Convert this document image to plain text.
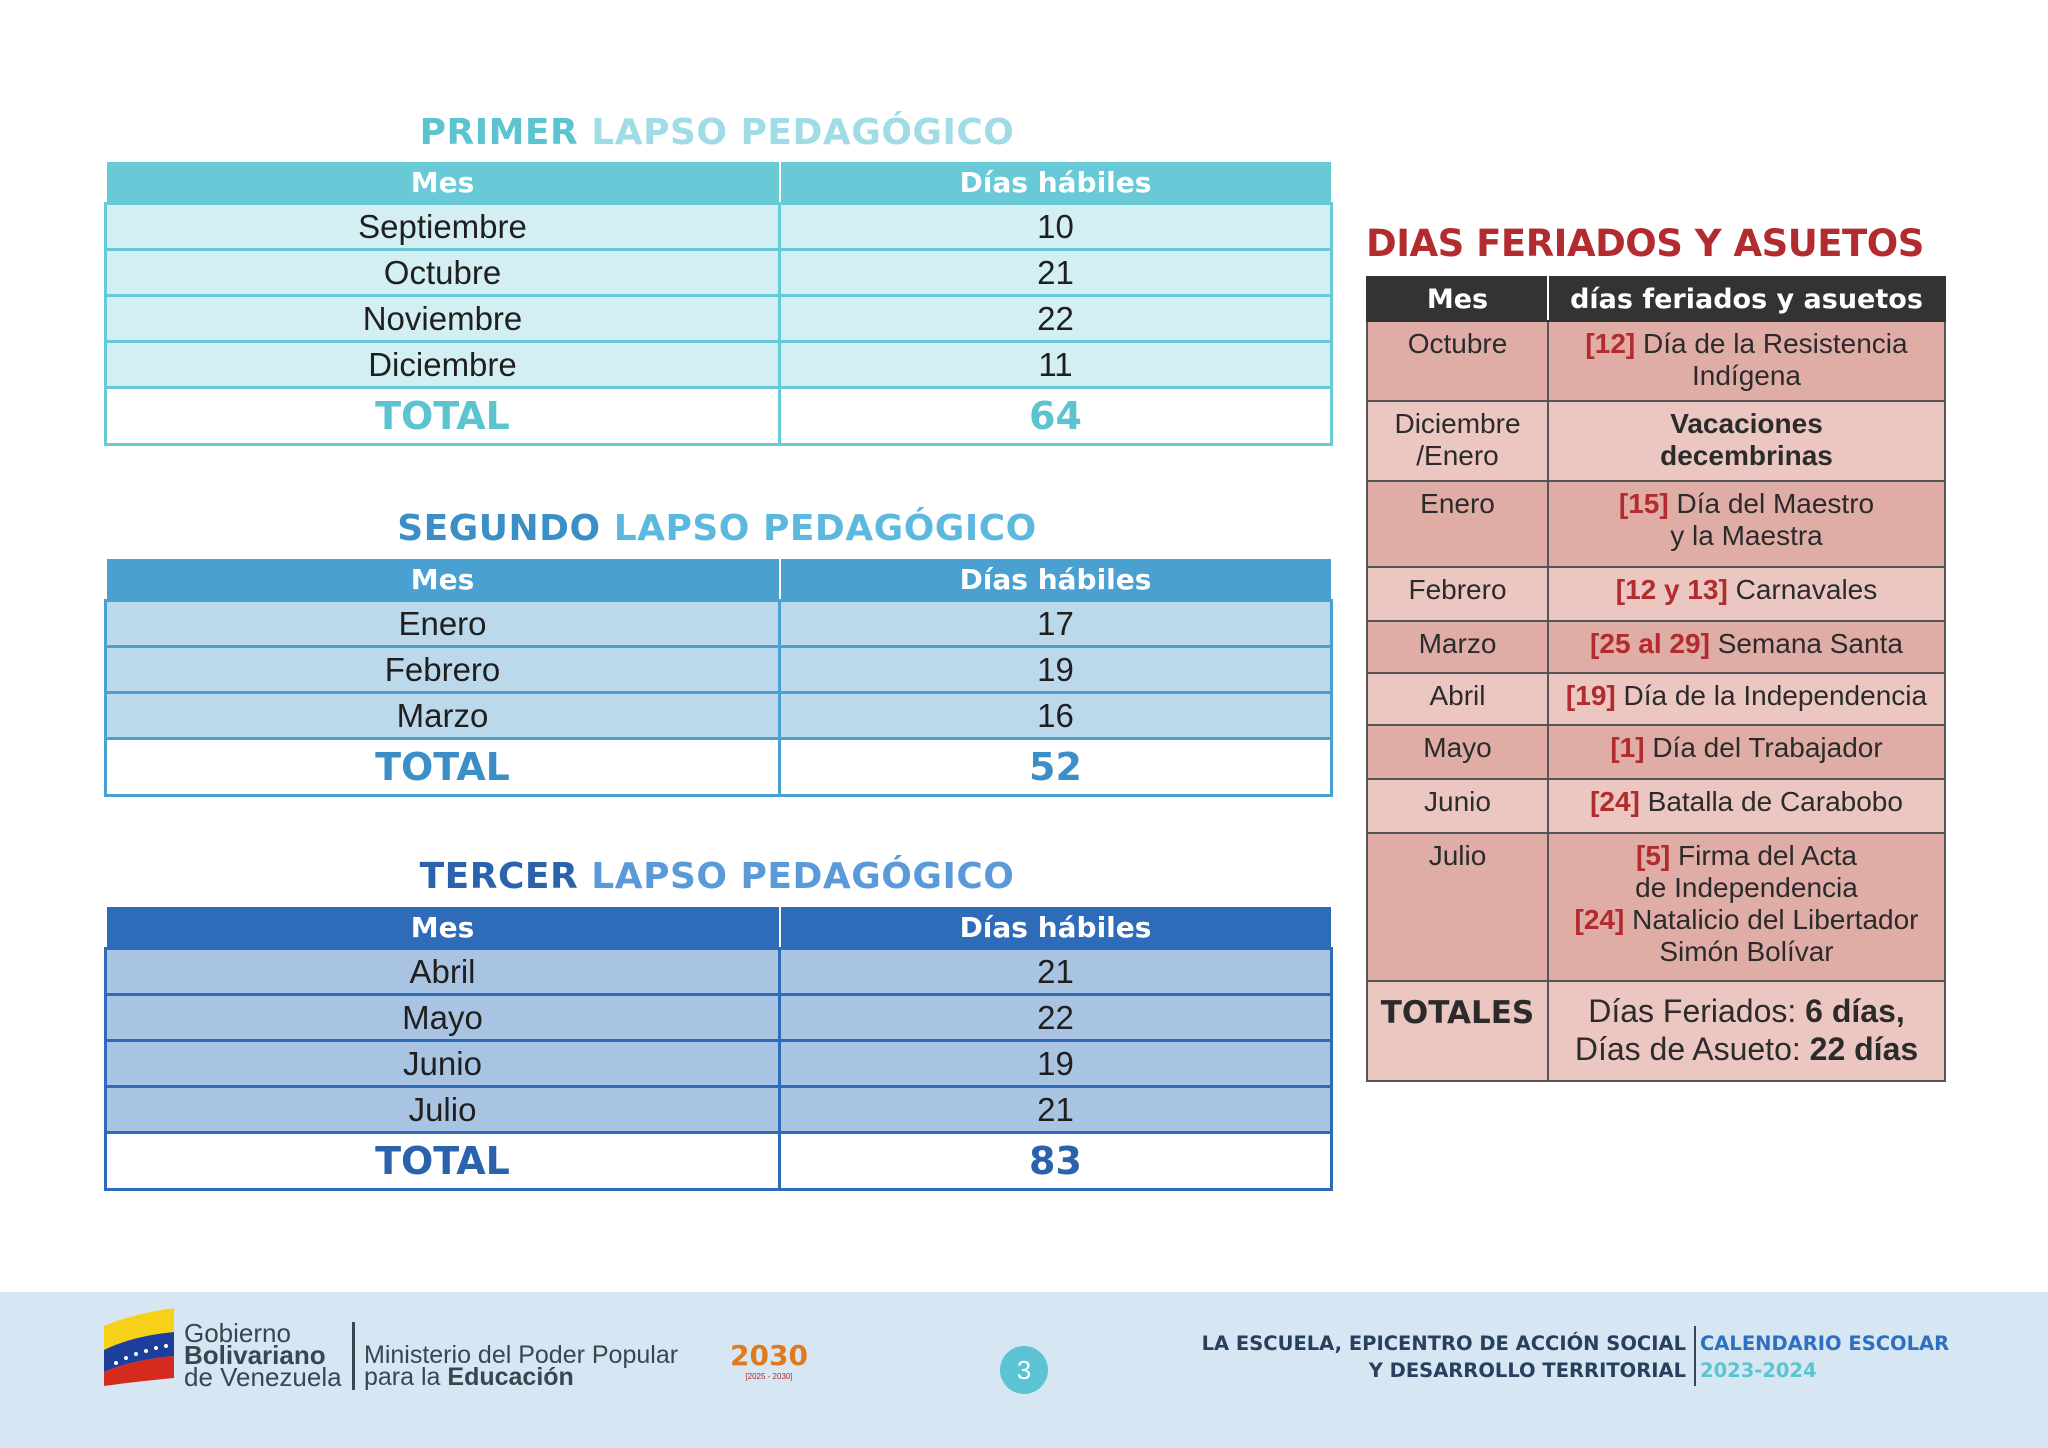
PRIMER LAPSO PEDAGÓGICO
Mes	Días hábiles
Septiembre	10
Octubre	21
Noviembre	22
Diciembre	11
TOTAL	64
SEGUNDO LAPSO PEDAGÓGICO
Mes	Días hábiles
Enero	17
Febrero	19
Marzo	16
TOTAL	52
TERCER LAPSO PEDAGÓGICO
Mes	Días hábiles
Abril	21
Mayo	22
Junio	19
Julio	21
TOTAL	83
DIAS FERIADOS Y ASUETOS
Mes	días feriados y asuetos
Octubre	[12] Día de la Resistencia Indígena
Diciembre /Enero	Vacaciones decembrinas
Enero	[15] Día del Maestro y la Maestra
Febrero	[12 y 13] Carnavales
Marzo	[25 al 29] Semana Santa
Abril	[19] Día de la Independencia
Mayo	[1] Día del Trabajador
Junio	[24] Batalla de Carabobo
Julio	[5] Firma del Acta de Independencia
[24] Natalicio del Libertador Simón Bolívar
TOTALES	Días Feriados: 6 días,
Días de Asueto: 22 días
Gobierno
Bolivariano
de Venezuela
Ministerio del Poder Popular
para la Educación
2030
[2025 - 2030]	3
LA ESCUELA, EPICENTRO DE ACCIÓN SOCIAL
Y DESARROLLO TERRITORIAL
CALENDARIO ESCOLAR
2023-2024
